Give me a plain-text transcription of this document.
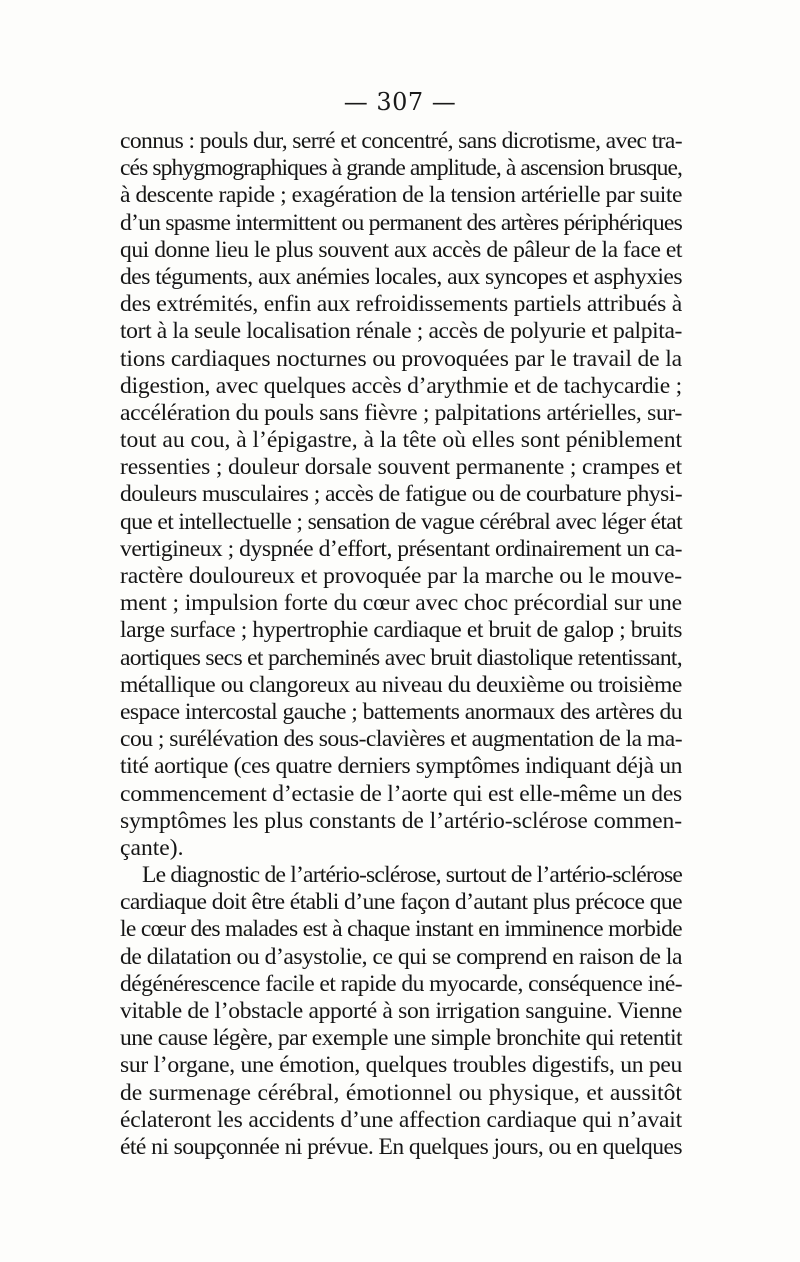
— 307 —
connus : pouls dur, serré et concentré, sans dicrotisme, avec tra-
cés sphygmographiques à grande amplitude, à ascension brusque,
à descente rapide ; exagération de la tension artérielle par suite
d’un spasme intermittent ou permanent des artères périphériques
qui donne lieu le plus souvent aux accès de pâleur de la face et
des téguments, aux anémies locales, aux syncopes et asphyxies
des extrémités, enfin aux refroidissements partiels attribués à
tort à la seule localisation rénale ; accès de polyurie et palpita-
tions cardiaques nocturnes ou provoquées par le travail de la
digestion, avec quelques accès d’arythmie et de tachycardie ;
accélération du pouls sans fièvre ; palpitations artérielles, sur-
tout au cou, à l’épigastre, à la tête où elles sont péniblement
ressenties ; douleur dorsale souvent permanente ; crampes et
douleurs musculaires ; accès de fatigue ou de courbature physi-
que et intellectuelle ; sensation de vague cérébral avec léger état
vertigineux ; dyspnée d’effort, présentant ordinairement un ca-
ractère douloureux et provoquée par la marche ou le mouve-
ment ; impulsion forte du cœur avec choc précordial sur une
large surface ; hypertrophie cardiaque et bruit de galop ; bruits
aortiques secs et parcheminés avec bruit diastolique retentissant,
métallique ou clangoreux au niveau du deuxième ou troisième
espace intercostal gauche ; battements anormaux des artères du
cou ; surélévation des sous-clavières et augmentation de la ma-
tité aortique (ces quatre derniers symptômes indiquant déjà un
commencement d’ectasie de l’aorte qui est elle-même un des
symptômes les plus constants de l’artério-sclérose commen-
çante).
Le diagnostic de l’artério-sclérose, surtout de l’artério-sclérose
cardiaque doit être établi d’une façon d’autant plus précoce que
le cœur des malades est à chaque instant en imminence morbide
de dilatation ou d’asystolie, ce qui se comprend en raison de la
dégénérescence facile et rapide du myocarde, conséquence iné-
vitable de l’obstacle apporté à son irrigation sanguine. Vienne
une cause légère, par exemple une simple bronchite qui retentit
sur l’organe, une émotion, quelques troubles digestifs, un peu
de surmenage cérébral, émotionnel ou physique, et aussitôt
éclateront les accidents d’une affection cardiaque qui n’avait
été ni soupçonnée ni prévue. En quelques jours, ou en quelques
